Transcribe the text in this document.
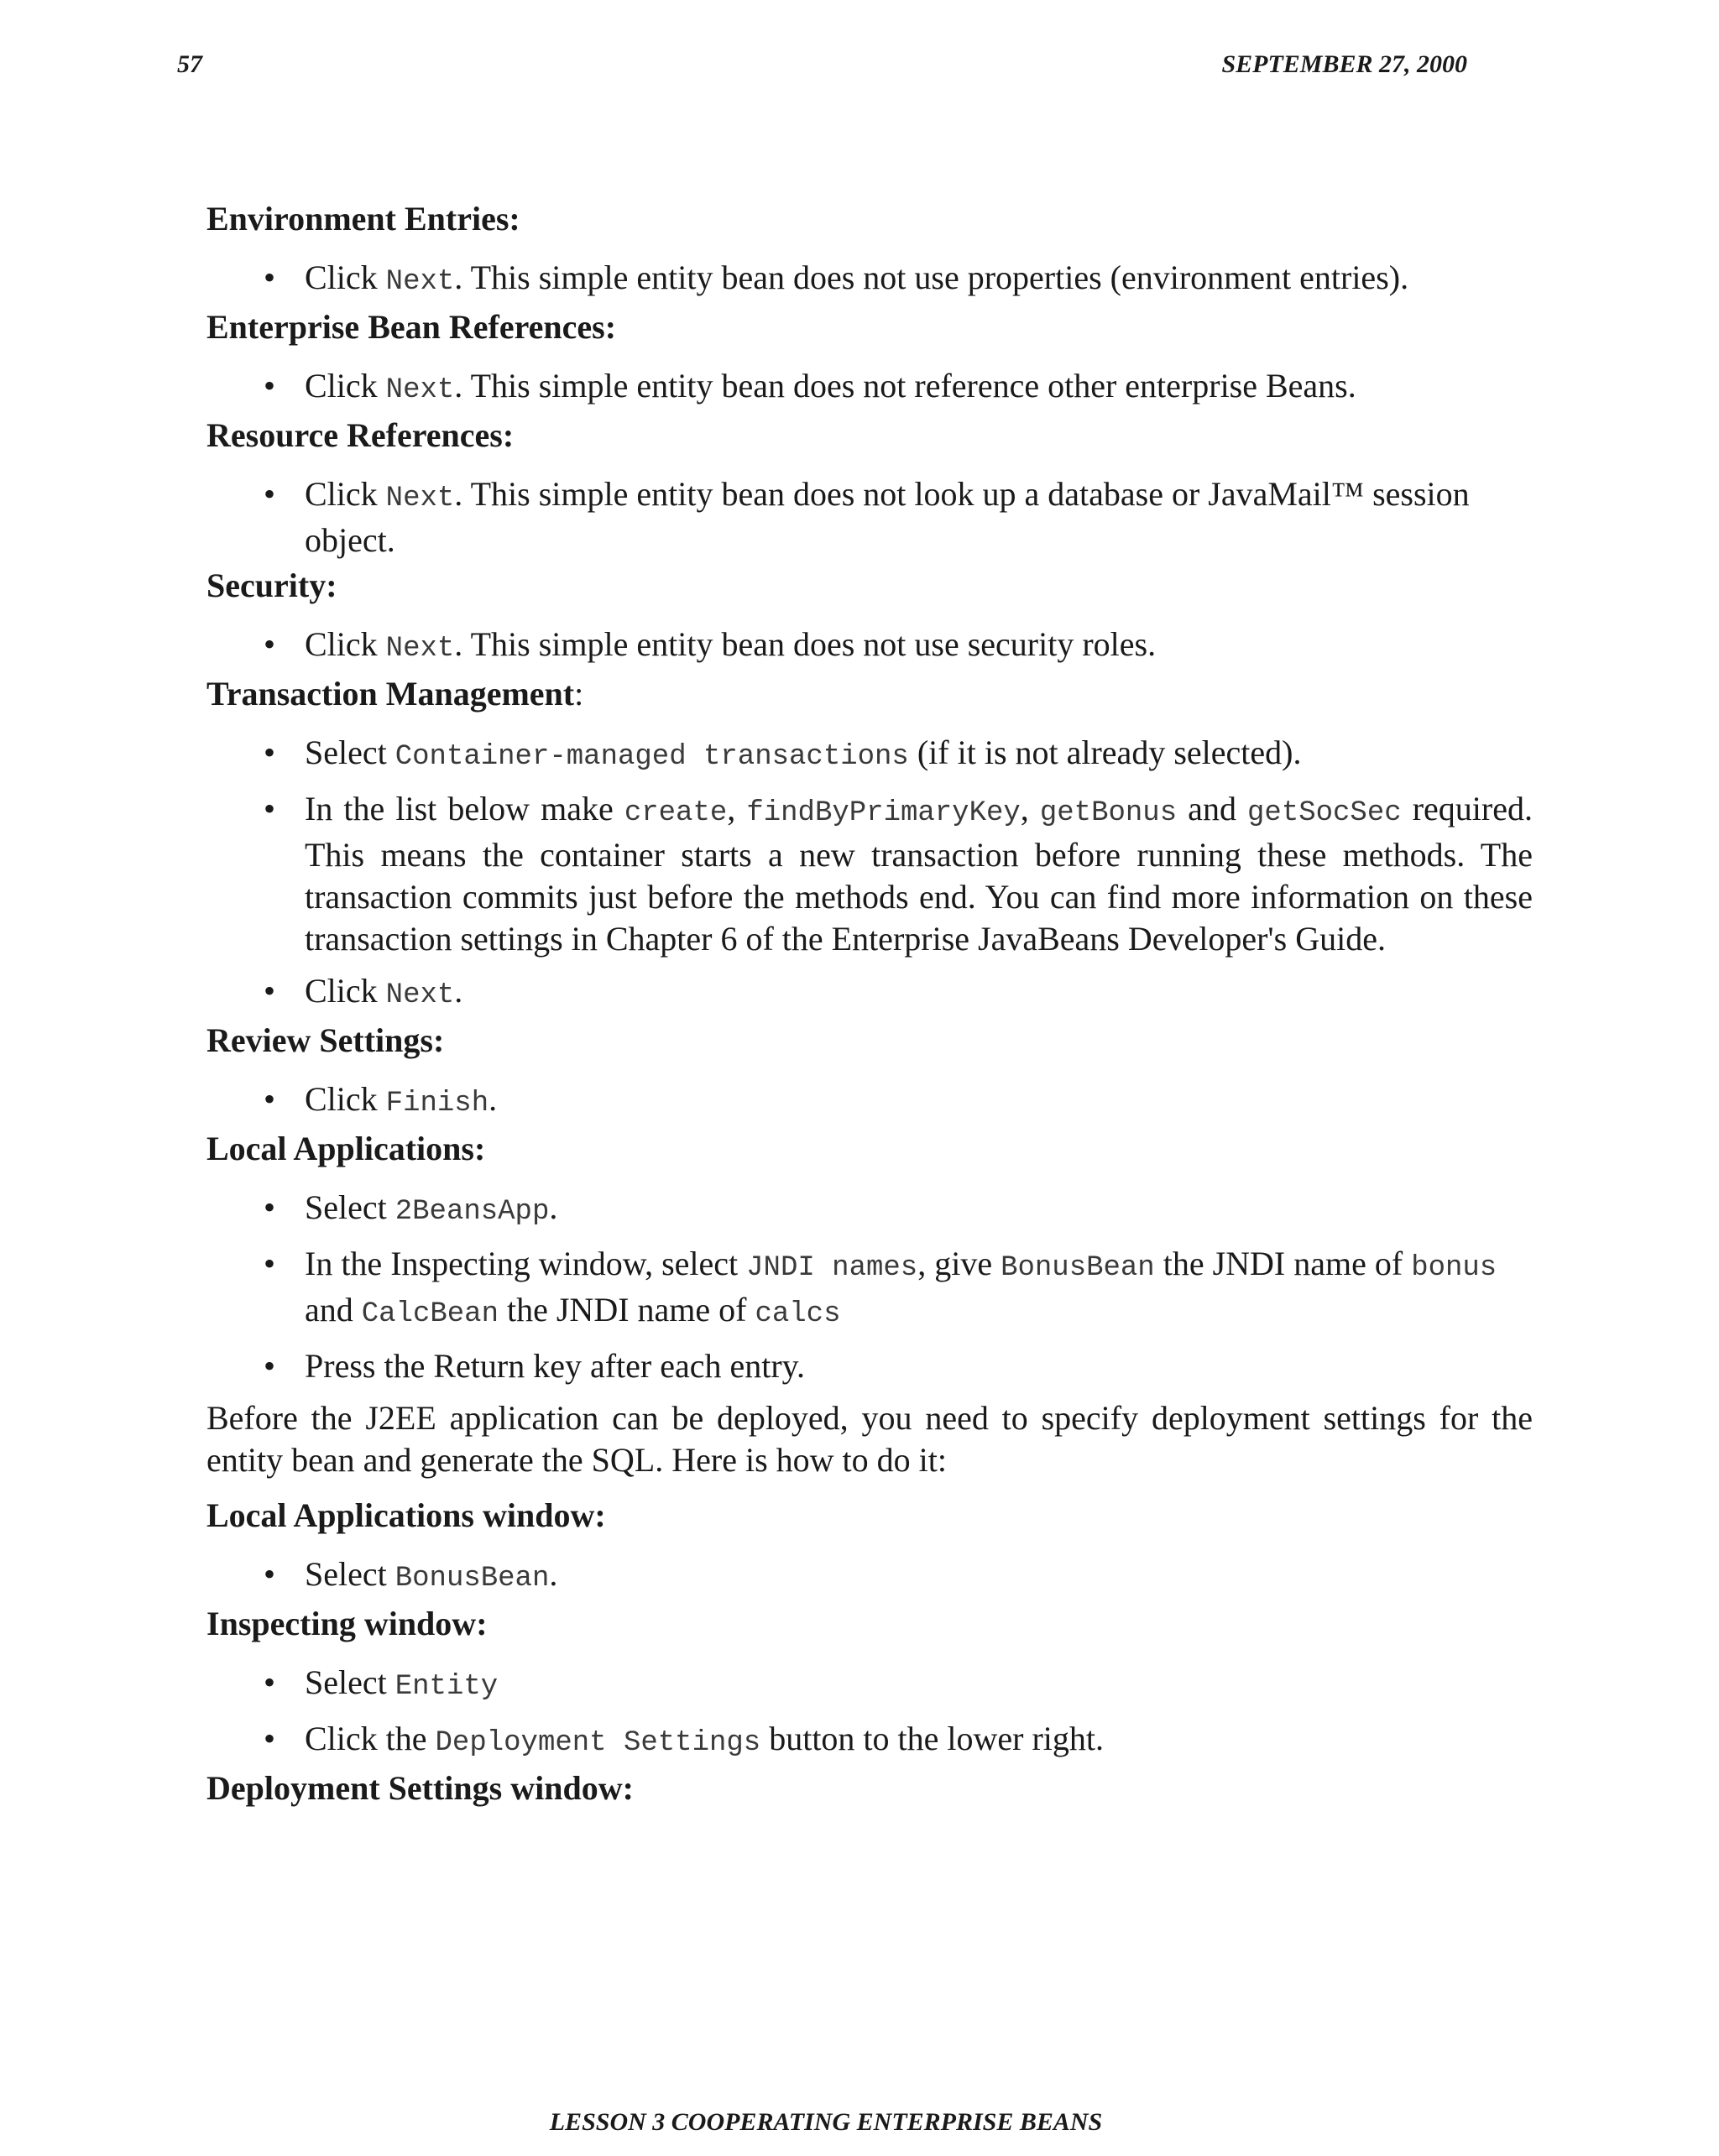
57	SEPTEMBER 27, 2000
Environment Entries:

• Click Next. This simple entity bean does not use properties (environment entries).

Enterprise Bean References:

• Click Next. This simple entity bean does not reference other enterprise Beans.

Resource References:

• Click Next. This simple entity bean does not look up a database or JavaMail™ session object.

Security:

• Click Next. This simple entity bean does not use security roles.

Transaction Management:

• Select Container-managed transactions (if it is not already selected).

• In the list below make create, findByPrimaryKey, getBonus and getSocSec required. This means the container starts a new transaction before running these methods. The transaction commits just before the methods end. You can find more information on these transaction settings in Chapter 6 of the Enterprise JavaBeans Developer's Guide.

• Click Next.

Review Settings:

• Click Finish.

Local Applications:

• Select 2BeansApp.

• In the Inspecting window, select JNDI names, give BonusBean the JNDI name of bonus and CalcBean the JNDI name of calcs

• Press the Return key after each entry.

Before the J2EE application can be deployed, you need to specify deployment settings for the entity bean and generate the SQL. Here is how to do it:

Local Applications window:

• Select BonusBean.

Inspecting window:

• Select Entity

• Click the Deployment Settings button to the lower right.

Deployment Settings window:
LESSON 3 COOPERATING ENTERPRISE BEANS
